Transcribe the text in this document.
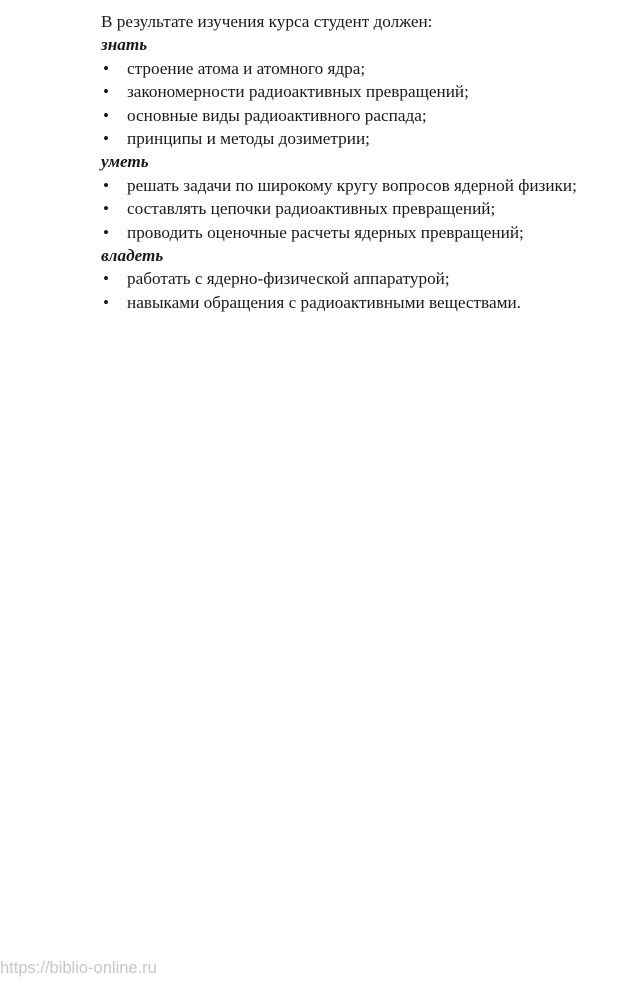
В результате изучения курса студент должен:

знать

• строение атома и атомного ядра;
• закономерности радиоактивных превращений;
• основные виды радиоактивного распада;
• принципы и методы дозиметрии;

уметь

• решать задачи по широкому кругу вопросов ядерной физики;
• составлять цепочки радиоактивных превращений;
• проводить оценочные расчеты ядерных превращений;

владеть

• работать с ядерно-физической аппаратурой;
• навыками обращения с радиоактивными веществами.
https://biblio-online.ru
